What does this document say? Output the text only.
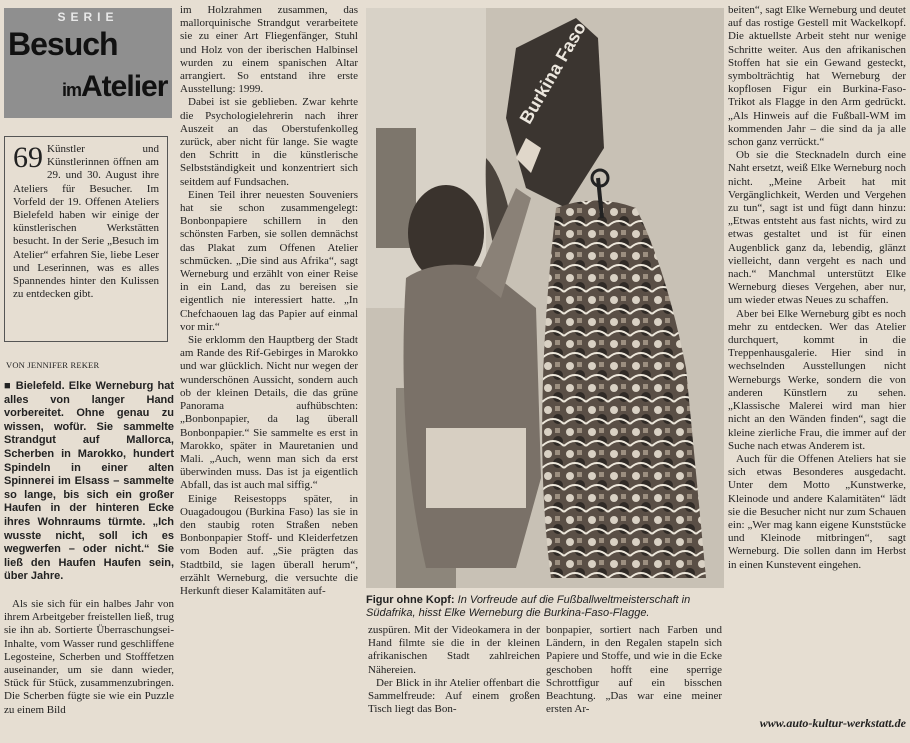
SERIE
Besuch
imAtelier
69 Künstler und Künstlerinnen öffnen am 29. und 30. August ihre Ateliers für Besucher. Im Vorfeld der 19. Offenen Ateliers Bielefeld haben wir einige der künstlerischen Werkstätten besucht. In der Serie „Besuch im Atelier“ erfahren Sie, liebe Leser und Leserinnen, was es alles Spannendes hinter den Kulissen zu entdecken gibt.
VON JENNIFER REKER
■ Bielefeld. Elke Werneburg hat alles von langer Hand vorbereitet. Ohne genau zu wissen, wofür. Sie sammelte Strandgut auf Mallorca, Scherben in Marokko, hundert Spindeln in einer alten Spinnerei im Elsass – sammelte so lange, bis sich ein großer Haufen in der hinteren Ecke ihres Wohnraums türmte. „Ich wusste nicht, soll ich es wegwerfen – oder nicht.“ Sie ließ den Haufen Haufen sein, über Jahre.

Als sie sich für ein halbes Jahr von ihrem Arbeitgeber freistellen ließ, trug sie ihn ab. Sortierte Überraschungsei-Inhalte, vom Wasser rund geschliffene Legosteine, Scherben und Stofffetzen auseinander, um sie dann wieder, Stück für Stück, zusammenzubringen. Die Scherben fügte sie wie ein Puzzle zu einem Bild

im Holzrahmen zusammen, das mallorquinische Strandgut verarbeitete sie zu einer Art Fliegenfänger, Stuhl und Holz von der iberischen Halbinsel wurden zu einem spanischen Altar arrangiert. So entstand ihre erste Ausstellung: 1999.

Dabei ist sie geblieben. Zwar kehrte die Psychologielehrerin nach ihrer Auszeit an das Oberstufenkolleg zurück, aber nicht für lange. Sie wagte den Schritt in die künstlerische Selbstständigkeit und konzentriert sich seitdem auf Fundsachen.

Einen Teil ihrer neuesten Souveniers hat sie schon zusammengelegt: Bonbonpapiere schillern in den schönsten Farben, sie sollen demnächst das Plakat zum Offenen Atelier schmücken. „Die sind aus Afrika“, sagt Werneburg und erzählt von einer Reise in ein Land, das zu bereisen sie eigentlich nie interessiert hatte. „In Chefchaouen lag das Papier auf einmal vor mir.“

Sie erklomm den Hauptberg der Stadt am Rande des Rif-Gebirges in Marokko und war glücklich. Nicht nur wegen der wunderschönen Aussicht, sondern auch ob der kleinen Details, die das grüne Panorama aufhübschten: „Bonbonpapier, da lag überall Bonbonpapier.“ Sie sammelte es erst in Marokko, später in Mauretanien und Mali. „Auch, wenn man sich da erst überwinden muss. Das ist ja eigentlich Abfall, das ist auch mal siffig.“

Einige Reisestopps später, in Ouagadougou (Burkina Faso) las sie in den staubig roten Straßen neben Bonbonpapier Stoff- und Kleiderfetzen vom Boden auf. „Sie prägten das Stadtbild, sie lagen überall herum“, erzählt Werneburg, die versuchte die Herkunft dieser Kalamitäten auf-

Burkina Faso
Figur ohne Kopf: In Vorfreude auf die Fußballweltmeisterschaft in Südafrika, hisst Elke Werneburg die Burkina-Faso-Flagge.

zuspüren. Mit der Videokamera in der Hand filmte sie die in der kleinen afrikanischen Stadt zahlreichen Nähereien.

Der Blick in ihr Atelier offenbart die Sammelfreude: Auf einem großen Tisch liegt das Bon-

bonpapier, sortiert nach Farben und Ländern, in den Regalen stapeln sich Papiere und Stoffe, und wie in die Ecke geschoben hofft eine sperrige Schrottfigur auf ein bisschen Beachtung. „Das war eine meiner ersten Ar-

beiten“, sagt Elke Werneburg und deutet auf das rostige Gestell mit Wackelkopf. Die aktuellste Arbeit steht nur wenige Schritte weiter. Aus den afrikanischen Stoffen hat sie ein Gewand gesteckt, symbolträchtig hat Werneburg der kopflosen Figur ein Burkina-Faso-Trikot als Flagge in den Arm gedrückt. „Als Hinweis auf die Fußball-WM im kommenden Jahr – die sind da ja alle schon ganz verrückt.“

Ob sie die Stecknadeln durch eine Naht ersetzt, weiß Elke Werneburg noch nicht. „Meine Arbeit hat mit Vergänglichkeit, Werden und Vergehen zu tun“, sagt ist und fügt dann hinzu: „Etwas entsteht aus fast nichts, wird zu etwas gestaltet und ist für einen Augenblick ganz da, lebendig, glänzt vielleicht, dann vergeht es nach und nach.“ Manchmal unterstützt Elke Werneburg dieses Vergehen, aber nur, um wieder etwas Neues zu schaffen.

Aber bei Elke Werneburg gibt es noch mehr zu entdecken. Wer das Atelier durchquert, kommt in die Treppenhausgalerie. Hier sind in wechselnden Ausstellungen nicht Werneburgs Werke, sondern die von anderen Künstlern zu sehen. „Klassische Malerei wird man hier nicht an den Wänden finden“, sagt die kleine zierliche Frau, die immer auf der Suche nach etwas Anderem ist.

Auch für die Offenen Ateliers hat sie sich etwas Besonderes ausgedacht. Unter dem Motto „Kunstwerke, Kleinode und andere Kalamitäten“ lädt sie die Besucher nicht nur zum Schauen ein: „Wer mag kann eigene Kunststücke und Kleinode mitbringen“, sagt Werneburg. Die sollen dann im Herbst in einen Kunstevent eingehen.

www.auto-kultur-werkstatt.de
